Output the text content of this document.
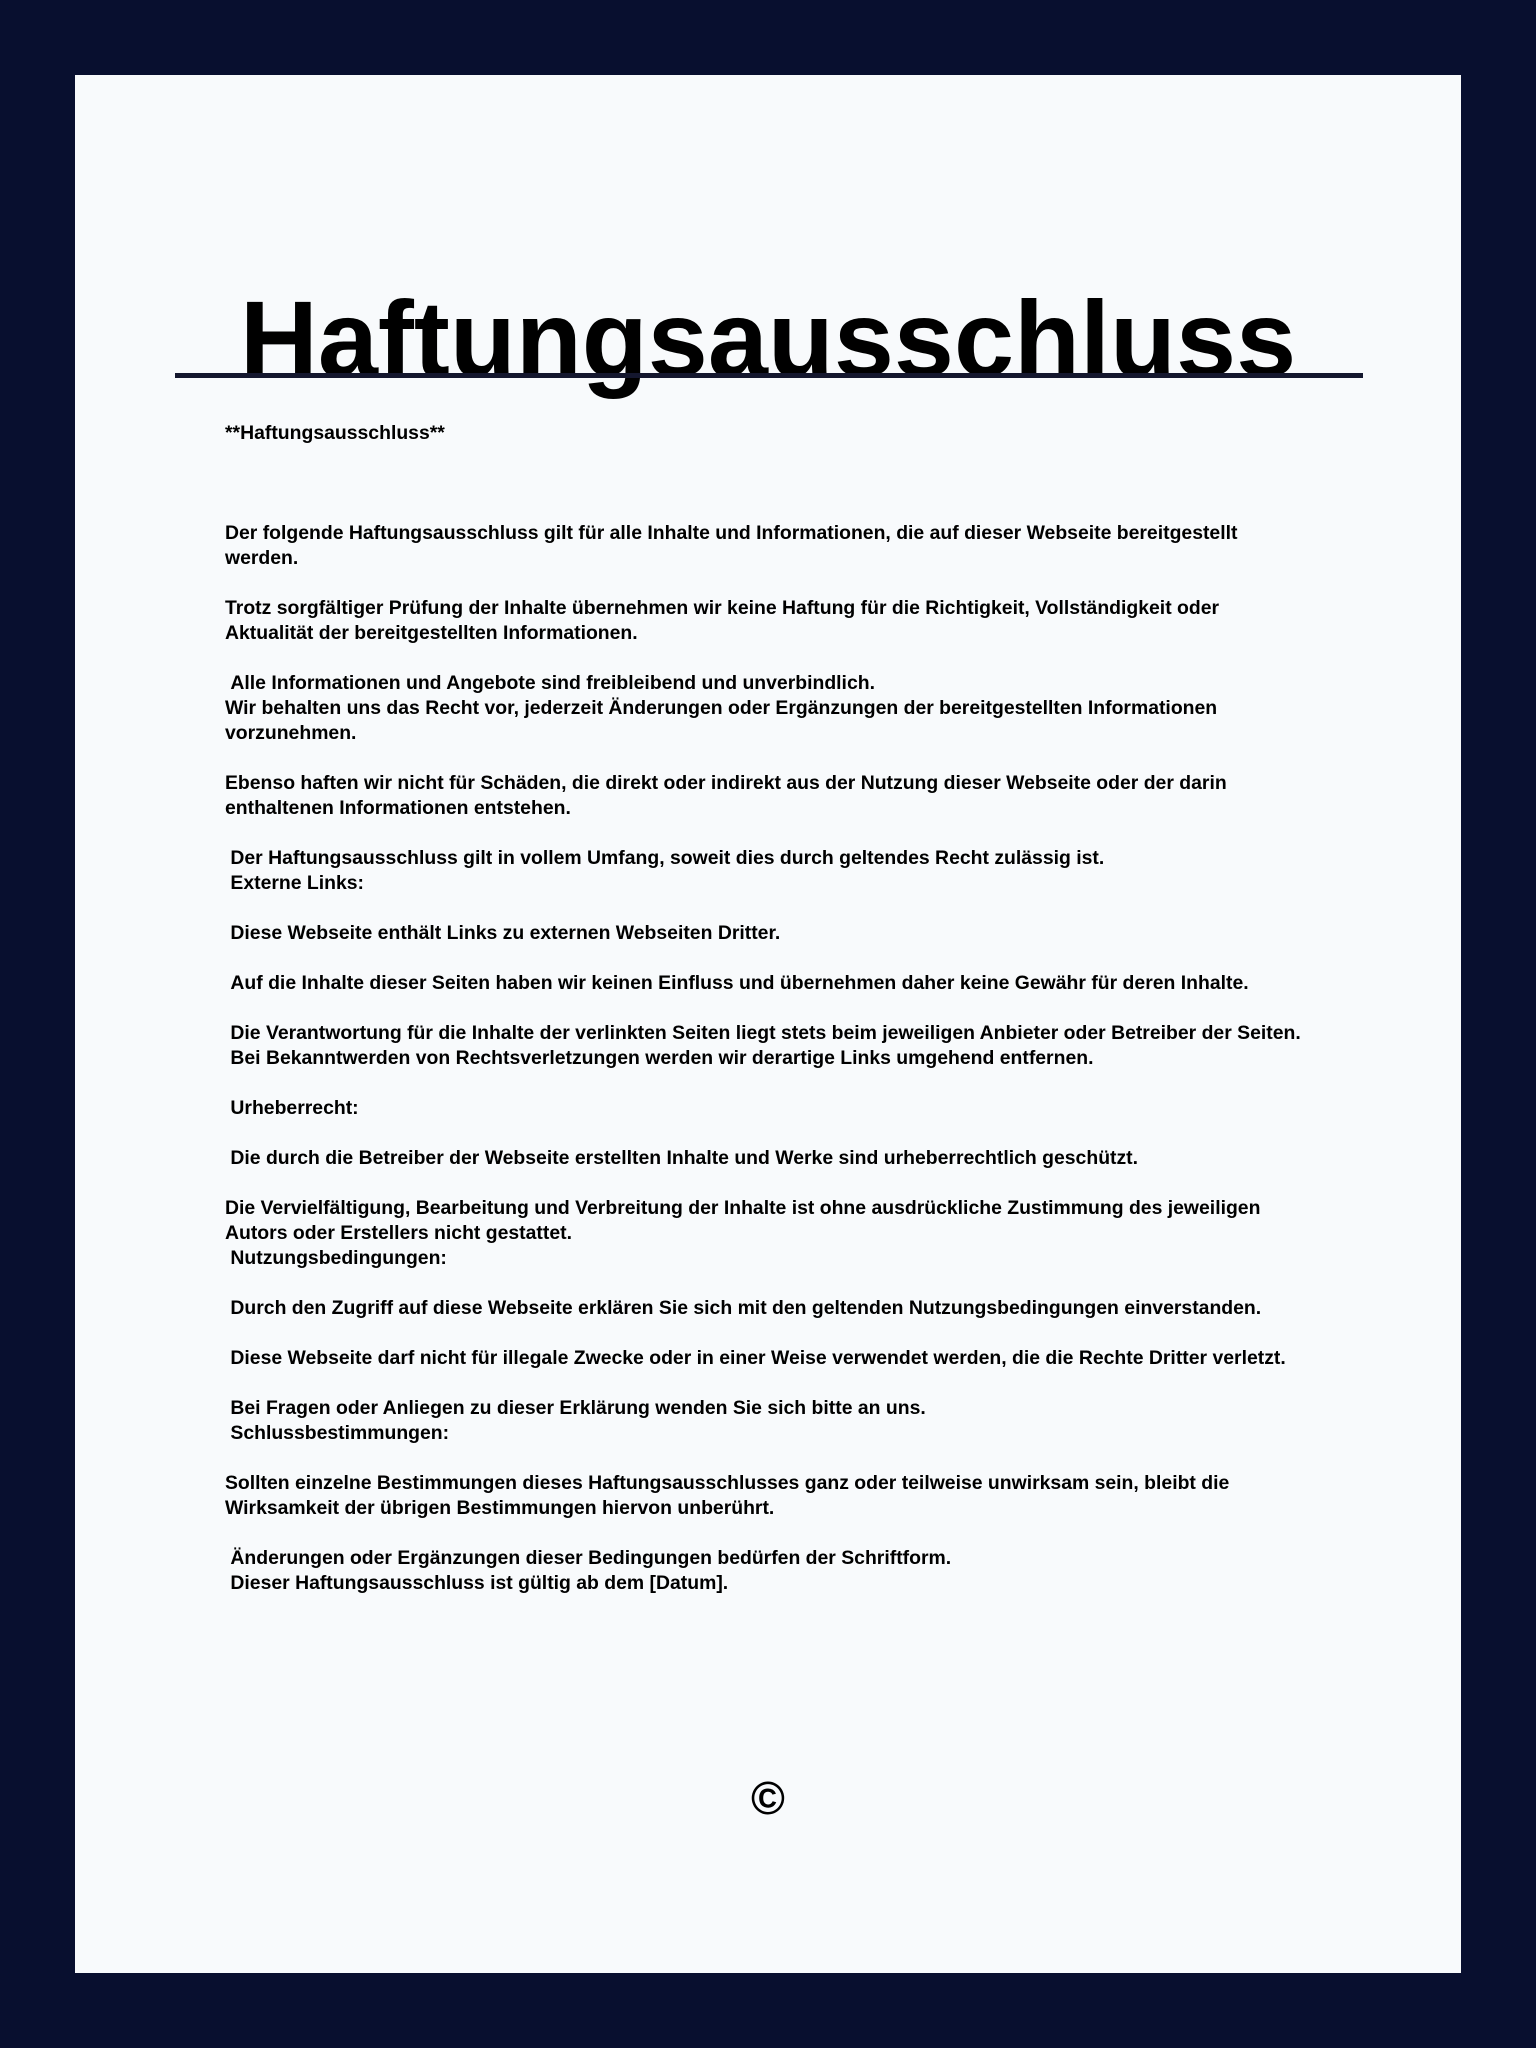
Haftungsausschluss
**Haftungsausschluss**

Der folgende Haftungsausschluss gilt für alle Inhalte und Informationen, die auf dieser Webseite bereitgestellt
werden.

Trotz sorgfältiger Prüfung der Inhalte übernehmen wir keine Haftung für die Richtigkeit, Vollständigkeit oder
Aktualität der bereitgestellten Informationen.

Alle Informationen und Angebote sind freibleibend und unverbindlich.
Wir behalten uns das Recht vor, jederzeit Änderungen oder Ergänzungen der bereitgestellten Informationen
vorzunehmen.

Ebenso haften wir nicht für Schäden, die direkt oder indirekt aus der Nutzung dieser Webseite oder der darin
enthaltenen Informationen entstehen.

Der Haftungsausschluss gilt in vollem Umfang, soweit dies durch geltendes Recht zulässig ist.
Externe Links:

Diese Webseite enthält Links zu externen Webseiten Dritter.

Auf die Inhalte dieser Seiten haben wir keinen Einfluss und übernehmen daher keine Gewähr für deren Inhalte.

Die Verantwortung für die Inhalte der verlinkten Seiten liegt stets beim jeweiligen Anbieter oder Betreiber der Seiten.
Bei Bekanntwerden von Rechtsverletzungen werden wir derartige Links umgehend entfernen.

Urheberrecht:

Die durch die Betreiber der Webseite erstellten Inhalte und Werke sind urheberrechtlich geschützt.

Die Vervielfältigung, Bearbeitung und Verbreitung der Inhalte ist ohne ausdrückliche Zustimmung des jeweiligen
Autors oder Erstellers nicht gestattet.
Nutzungsbedingungen:

Durch den Zugriff auf diese Webseite erklären Sie sich mit den geltenden Nutzungsbedingungen einverstanden.

Diese Webseite darf nicht für illegale Zwecke oder in einer Weise verwendet werden, die die Rechte Dritter verletzt.

Bei Fragen oder Anliegen zu dieser Erklärung wenden Sie sich bitte an uns.
Schlussbestimmungen:

Sollten einzelne Bestimmungen dieses Haftungsausschlusses ganz oder teilweise unwirksam sein, bleibt die
Wirksamkeit der übrigen Bestimmungen hiervon unberührt.

Änderungen oder Ergänzungen dieser Bedingungen bedürfen der Schriftform.
Dieser Haftungsausschluss ist gültig ab dem [Datum].
©
